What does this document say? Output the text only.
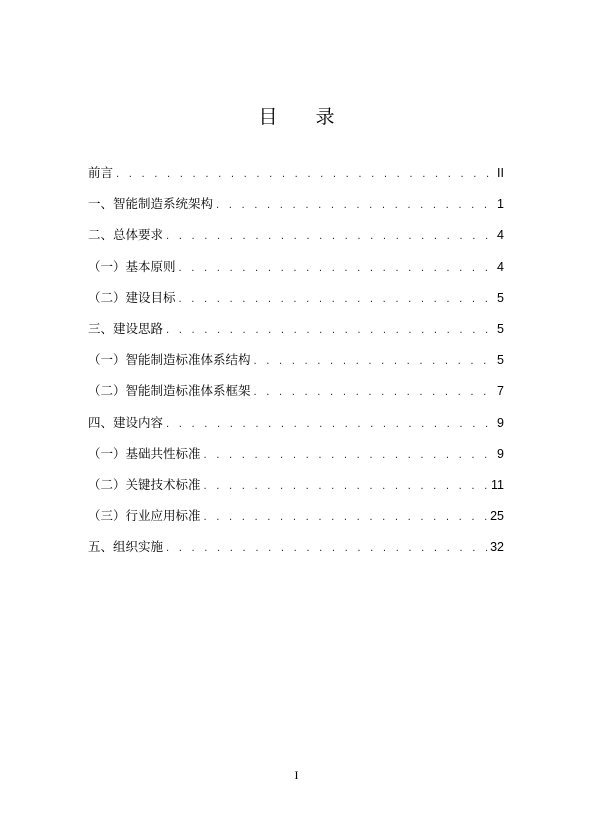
目 录
前言 . . .	II
一、智能制造系统架构 . . .	1
二、总体要求 . . .	4
（一）基本原则 . . .	4
（二）建设目标 . . .	5
三、建设思路 . . .	5
（一）智能制造标准体系结构 . . .	5
（二）智能制造标准体系框架 . . .	7
四、建设内容 . . .	9
（一）基础共性标准 . . .	9
（二）关键技术标准 . . .	11
（三）行业应用标准 . . .	25
五、组织实施 . . .	32
I
